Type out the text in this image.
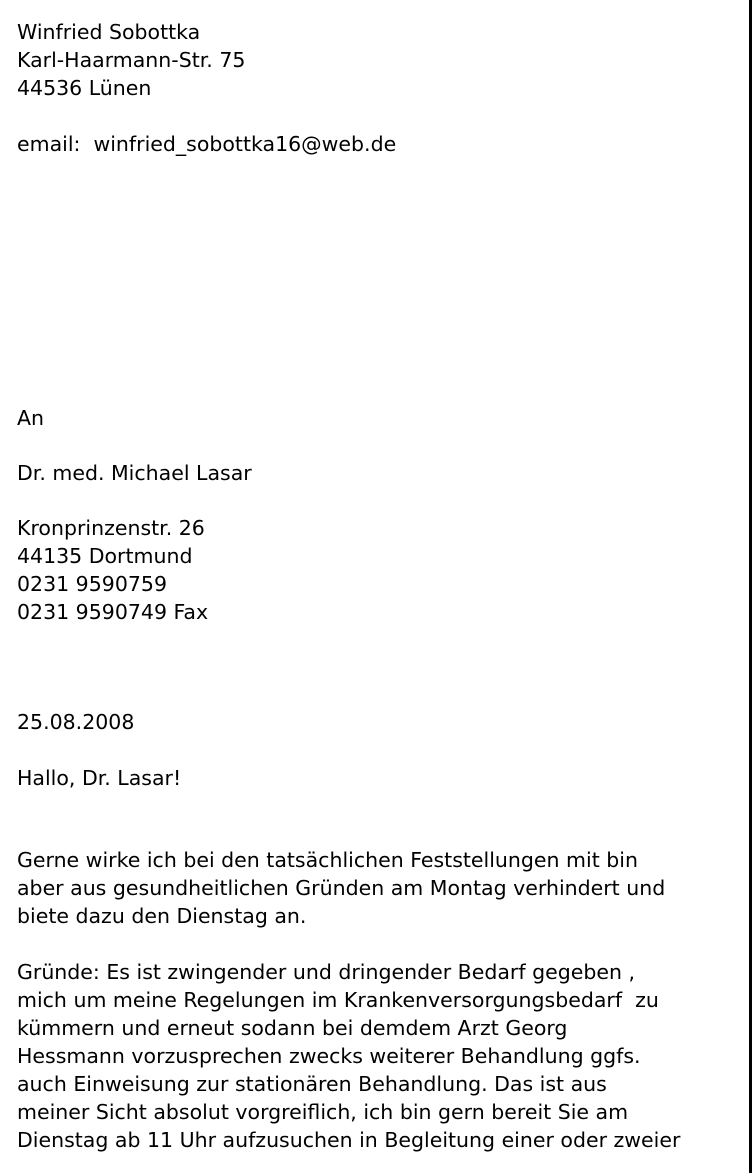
Winfried Sobottka

Karl-Haarmann-Str. 75

44536 Lünen

email:  winfried_sobottka16@web.de

An

Dr. med. Michael Lasar

Kronprinzenstr. 26

44135 Dortmund

0231 9590759

0231 9590749 Fax

25.08.2008

Hallo, Dr. Lasar!

Gerne wirke ich bei den tatsächlichen Feststellungen mit bin

aber aus gesundheitlichen Gründen am Montag verhindert und

biete dazu den Dienstag an.

Gründe: Es ist zwingender und dringender Bedarf gegeben ,

mich um meine Regelungen im Krankenversorgungsbedarf  zu

kümmern und erneut sodann bei demdem Arzt Georg

Hessmann vorzusprechen zwecks weiterer Behandlung ggfs.

auch Einweisung zur stationären Behandlung. Das ist aus

meiner Sicht absolut vorgreiflich, ich bin gern bereit Sie am

Dienstag ab 11 Uhr aufzusuchen in Begleitung einer oder zweier
